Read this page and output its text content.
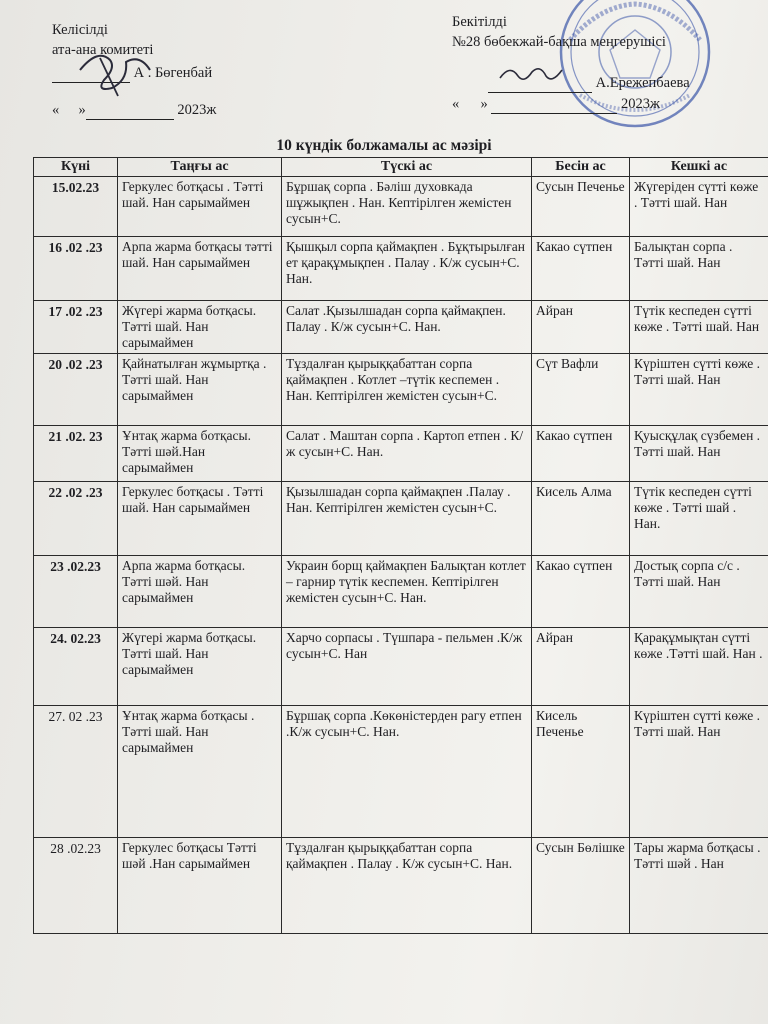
Келісілді
ата-ана комитеті
А . Бөгенбай
« »	2023ж
Бекітілді
№28 бөбекжай-бақша меңгерушісі
А.Ережепбаева
« »	2023ж
10 күндік болжамалы ас мәзірі
Күні	Таңғы ас	Түскі ас	Бесін ас	Кешкі ас
15.02.23	Геркулес ботқасы . Тәтті шай. Нан сарымаймен	Бұршақ сорпа . Бәліш духовкада шұжықпен . Нан. Кептірілген жемістен сусын+С.	Сусын Печенье	Жүгеріден сүтті көже . Тәтті шай. Нан
16 .02 .23	Арпа жарма ботқасы тәтті шай. Нан сарымаймен	Қышқыл сорпа қаймақпен . Бұқтырылған ет қарақұмықпен . Палау . К/ж сусын+С. Нан.	Какао сүтпен	Балықтан сорпа . Тәтті шай. Нан
17 .02 .23	Жүгері жарма ботқасы. Тәтті шай. Нан сарымаймен	Салат .Қызылшадан сорпа қаймақпен. Палау . К/ж сусын+С. Нан.	Айран	Түтік кеспеден сүтті көже . Тәтті шай. Нан
20 .02 .23	Қайнатылған жұмыртқа . Тәтті шай. Нан сарымаймен	Тұздалған қырыққабаттан сорпа қаймақпен . Котлет –түтік кеспемен . Нан. Кептірілген жемістен сусын+С.	Сүт Вафли	Күріштен сүтті көже . Тәтті шай. Нан
21 .02. 23	Ұнтақ жарма ботқасы. Тәтті шәй.Нан сарымаймен	Салат . Маштан сорпа . Картоп етпен . К/ж сусын+С. Нан.	Какао сүтпен	Қуысқұлақ сүзбемен . Тәтті шай. Нан
22 .02 .23	Геркулес ботқасы . Тәтті шай. Нан сарымаймен	Қызылшадан сорпа қаймақпен .Палау . Нан. Кептірілген жемістен сусын+С.	Кисель Алма	Түтік кеспеден сүтті көже . Тәтті шай . Нан.
23 .02.23	Арпа жарма ботқасы. Тәтті шәй. Нан сарымаймен	Украин борщ қаймақпен Балықтан котлет – гарнир түтік кеспемен. Кептірілген жемістен сусын+С. Нан.	Какао сүтпен	Достық сорпа с/с . Тәтті шай. Нан
24. 02.23	Жүгері жарма ботқасы. Тәтті шай. Нан сарымаймен	Харчо сорпасы . Түшпара - пельмен .К/ж сусын+С. Нан	Айран	Қарақұмықтан сүтті көже .Тәтті шай. Нан .
27. 02 .23	Ұнтақ жарма ботқасы . Тәтті шай. Нан сарымаймен	Бұршақ сорпа .Көкөністерден рагу етпен .К/ж сусын+С. Нан.	Кисель Печенье	Күріштен сүтті көже . Тәтті шай. Нан
28 .02.23	Геркулес ботқасы Тәтті шәй .Нан сарымаймен	Тұздалған қырыққабаттан сорпа қаймақпен . Палау . К/ж сусын+С. Нан.	Сусын Бөлішке	Тары жарма ботқасы . Тәтті шәй . Нан
